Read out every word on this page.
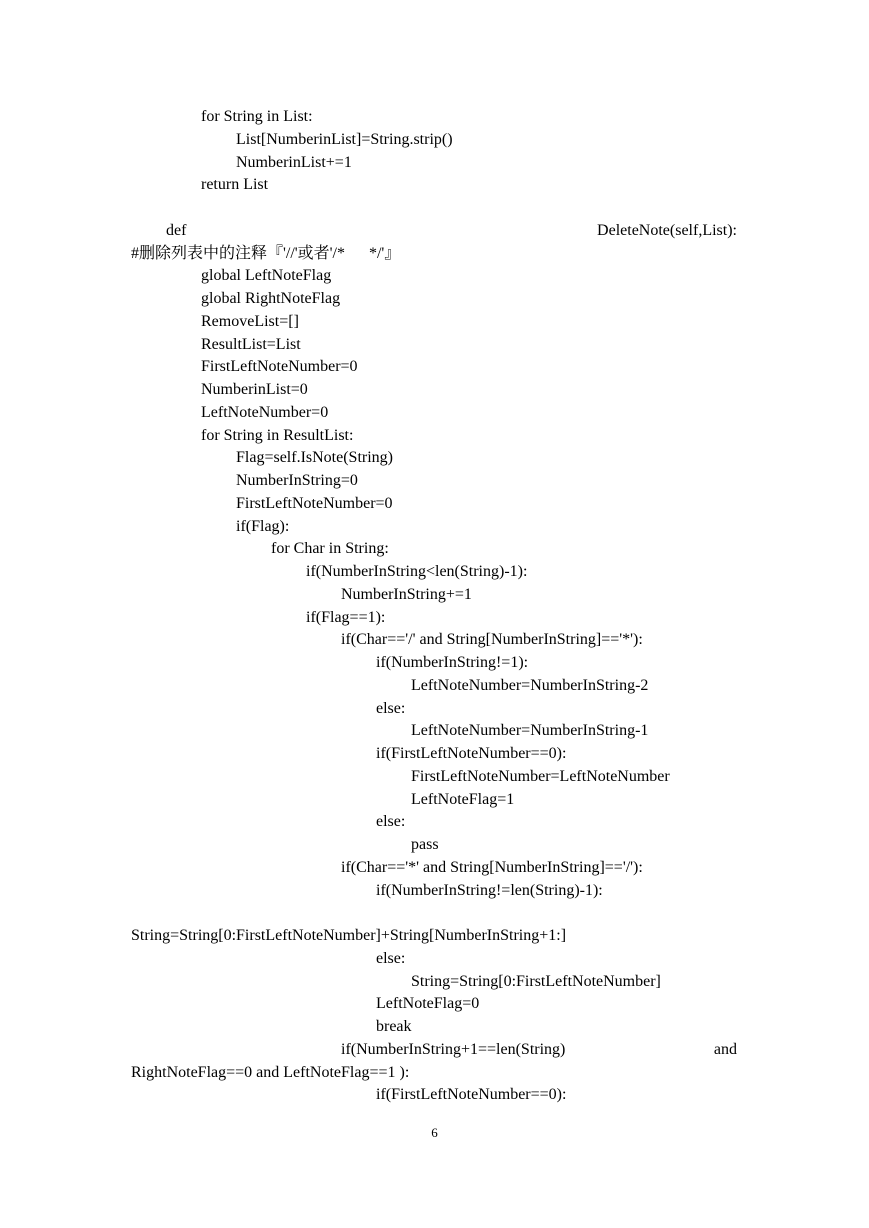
for String in List:
List[NumberinList]=String.strip()
NumberinList+=1
return List
def	DeleteNote(self,List):
#删除列表中的注释『'//'或者'/*      */'』
global LeftNoteFlag
global RightNoteFlag
RemoveList=[]
ResultList=List
FirstLeftNoteNumber=0
NumberinList=0
LeftNoteNumber=0
for String in ResultList:
Flag=self.IsNote(String)
NumberInString=0
FirstLeftNoteNumber=0
if(Flag):
for Char in String:
if(NumberInString<len(String)-1):
NumberInString+=1
if(Flag==1):
if(Char=='/' and String[NumberInString]=='*'):
if(NumberInString!=1):
LeftNoteNumber=NumberInString-2
else:
LeftNoteNumber=NumberInString-1
if(FirstLeftNoteNumber==0):
FirstLeftNoteNumber=LeftNoteNumber
LeftNoteFlag=1
else:
pass
if(Char=='*' and String[NumberInString]=='/'):
if(NumberInString!=len(String)-1):
String=String[0:FirstLeftNoteNumber]+String[NumberInString+1:]
else:
String=String[0:FirstLeftNoteNumber]
LeftNoteFlag=0
break
if(NumberInString+1==len(String)	and
RightNoteFlag==0 and LeftNoteFlag==1 ):
if(FirstLeftNoteNumber==0):
6
